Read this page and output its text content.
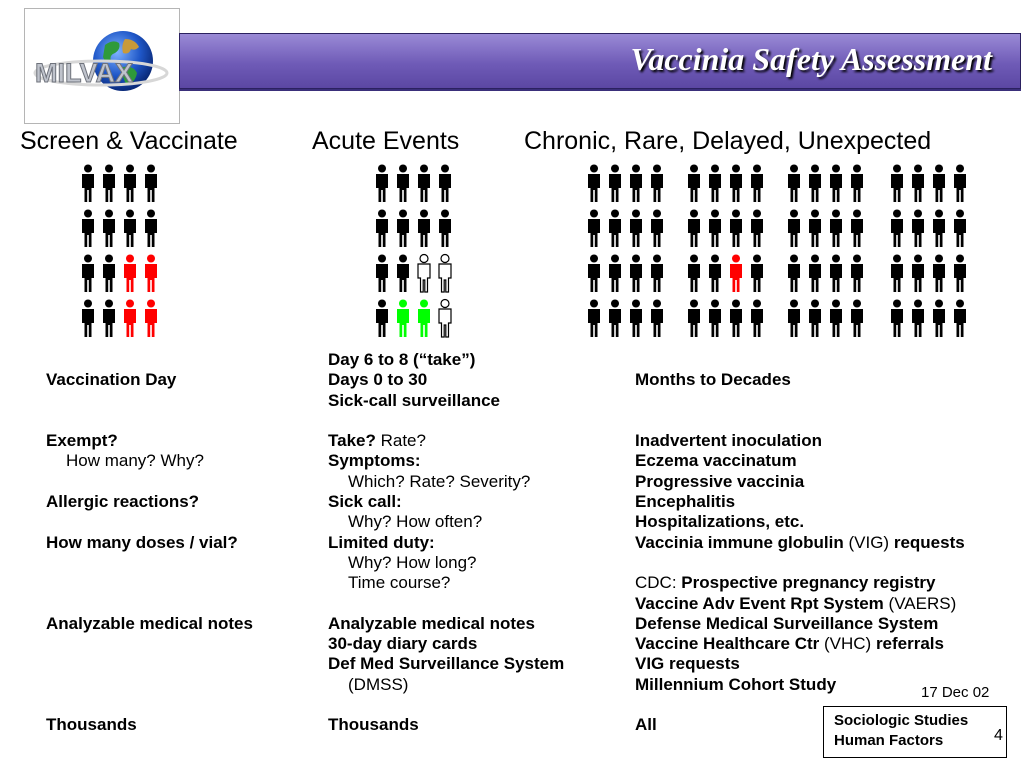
MILVAX	Vaccinia Safety Assessment
Screen & Vaccinate	Acute Events	Chronic, Rare, Delayed, Unexpected
Vaccination Day
Exempt?
How many? Why?
Allergic reactions?
How many doses / vial?
Analyzable medical notes
Thousands
Day 6 to 8 (“take”)
Days 0 to 30
Sick-call surveillance
Take? Rate?
Symptoms:
Which? Rate? Severity?
Sick call:
Why? How often?
Limited duty:
Why? How long?
Time course?
Analyzable medical notes
30-day diary cards
Def Med Surveillance System
(DMSS)
Thousands
Months to Decades
Inadvertent inoculation
Eczema vaccinatum
Progressive vaccinia
Encephalitis
Hospitalizations, etc.
Vaccinia immune globulin (VIG) requests
CDC: Prospective pregnancy registry
Vaccine Adv Event Rpt System (VAERS)
Defense Medical Surveillance System
Vaccine Healthcare Ctr (VHC) referrals
VIG requests
Millennium Cohort Study
All
17 Dec 02
Sociologic Studies
Human Factors	4
